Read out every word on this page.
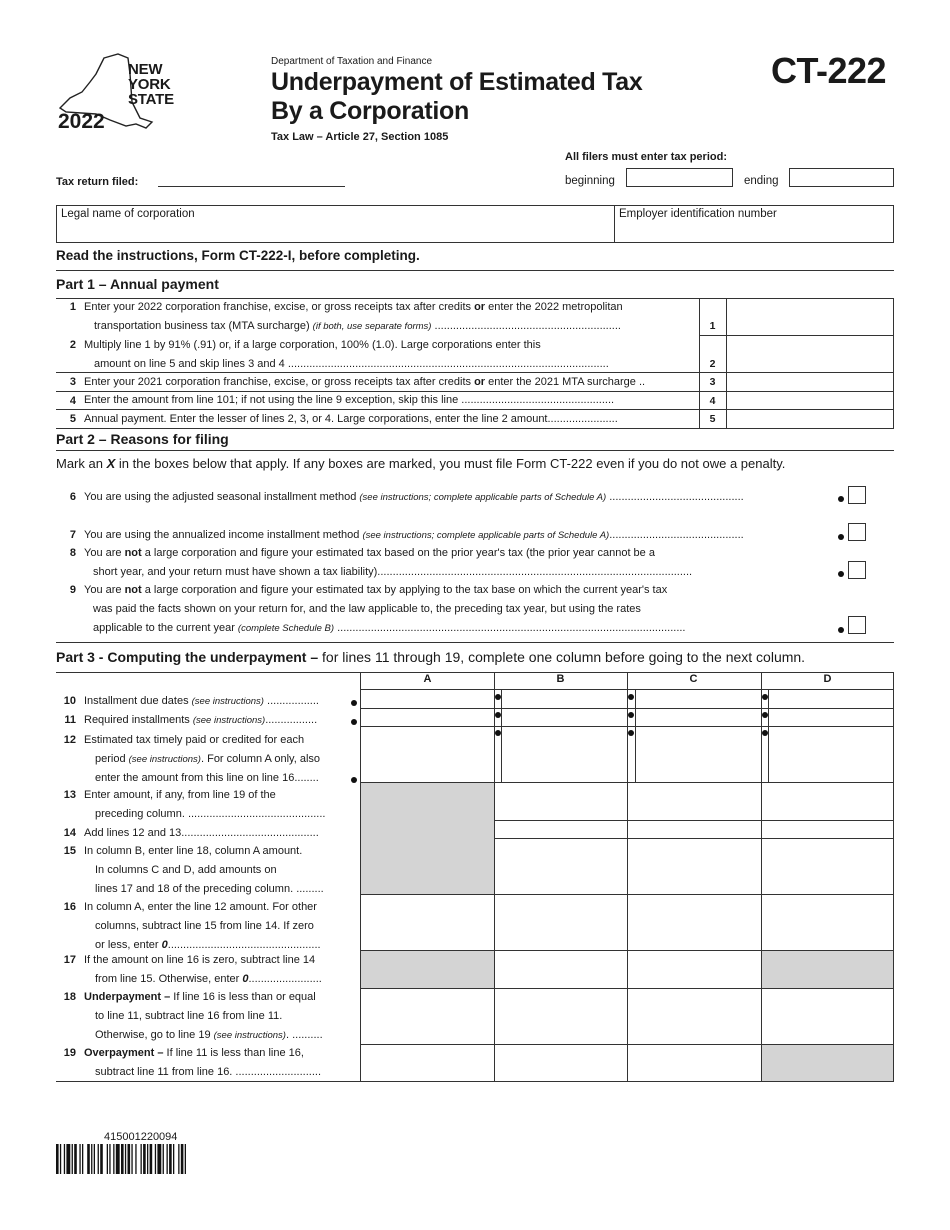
NEW
YORK
STATE
2022
Department of Taxation and Finance
Underpayment of Estimated Tax
By a Corporation
Tax Law – Article 27, Section 1085
CT-222
All filers must enter tax period:
Tax return filed:	beginning	ending
Legal name of corporation	Employer identification number
Read the instructions, Form CT-222-I, before completing.
Part 1 – Annual payment
1 Enter your 2022 corporation franchise, excise, or gross receipts tax after credits or enter the 2022 metropolitan
transportation business tax (MTA surcharge) (if both, use separate forms) .............................................................	1
2 Multiply line 1 by 91% (.91) or, if a large corporation, 100% (1.0). Large corporations enter this
amount on line 5 and skip lines 3 and 4 .........................................................................................................	2
3 Enter your 2021 corporation franchise, excise, or gross receipts tax after credits or enter the 2021 MTA surcharge ..	3
4 Enter the amount from line 101; if not using the line 9 exception, skip this line ..................................................	4
5 Annual payment. Enter the lesser of lines 2, 3, or 4. Large corporations, enter the line 2 amount.......................	5
Part 2 – Reasons for filing
Mark an X in the boxes below that apply. If any boxes are marked, you must file Form CT-222 even if you do not owe a penalty.
6 You are using the adjusted seasonal installment method (see instructions; complete applicable parts of Schedule A) ............................................
7 You are using the annualized income installment method (see instructions; complete applicable parts of Schedule A)............................................
8 You are not a large corporation and figure your estimated tax based on the prior year's tax (the prior year cannot be a
short year, and your return must have shown a tax liability).......................................................................................................
9 You are not a large corporation and figure your estimated tax by applying to the tax base on which the current year's tax
was paid the facts shown on your return for, and the law applicable to, the preceding tax year, but using the rates
applicable to the current year (complete Schedule B) ..................................................................................................................
Part 3 - Computing the underpayment – for lines 11 through 19, complete one column before going to the next column.
A	B	C	D
10 Installment due dates (see instructions) .................
11 Required installments (see instructions).................
12 Estimated tax timely paid or credited for each
period (see instructions). For column A only, also
enter the amount from this line on line 16........
13 Enter amount, if any, from line 19 of the
preceding column. .............................................
14 Add lines 12 and 13.............................................
15 In column B, enter line 18, column A amount.
In columns C and D, add amounts on
lines 17 and 18 of the preceding column. .........
16 In column A, enter the line 12 amount. For other
columns, subtract line 15 from line 14. If zero
or less, enter 0..................................................
17 If the amount on line 16 is zero, subtract line 14
from line 15. Otherwise, enter 0........................
18 Underpayment – If line 16 is less than or equal
to line 11, subtract line 16 from line 11.
Otherwise, go to line 19 (see instructions). ..........
19 Overpayment – If line 11 is less than line 16,
subtract line 11 from line 16. ............................
415001220094
